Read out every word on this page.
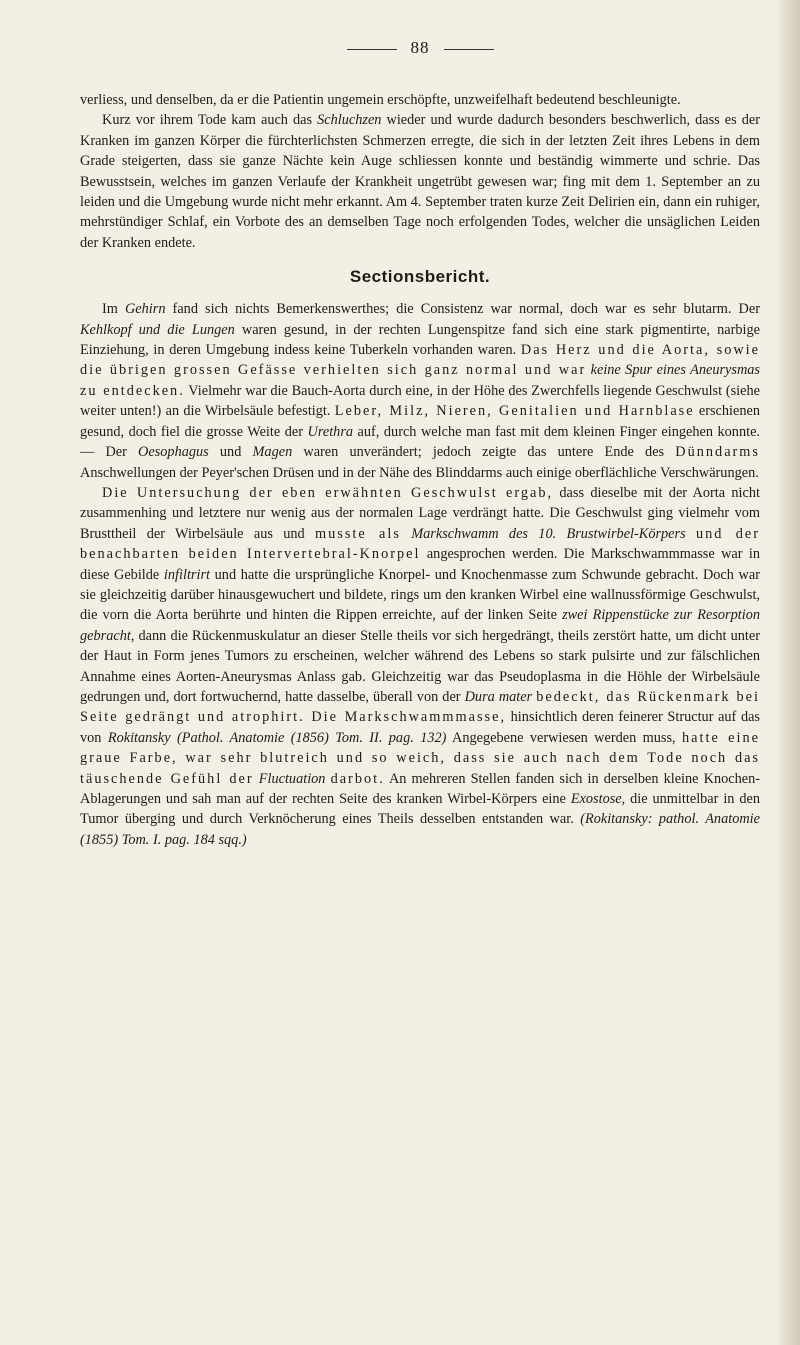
88

verliess, und denselben, da er die Patientin ungemein erschöpfte, unzweifelhaft bedeutend beschleunigte.

Kurz vor ihrem Tode kam auch das Schluchzen wieder und wurde dadurch besonders beschwerlich, dass es der Kranken im ganzen Körper die fürchterlichsten Schmerzen erregte, die sich in der letzten Zeit ihres Lebens in dem Grade steigerten, dass sie ganze Nächte kein Auge schliessen konnte und beständig wimmerte und schrie. Das Bewusstsein, welches im ganzen Verlaufe der Krankheit ungetrübt gewesen war; fing mit dem 1. September an zu leiden und die Umgebung wurde nicht mehr erkannt. Am 4. September traten kurze Zeit Delirien ein, dann ein ruhiger, mehrstündiger Schlaf, ein Vorbote des an demselben Tage noch erfolgenden Todes, welcher die unsäglichen Leiden der Kranken endete.

Sectionsbericht.

Im Gehirn fand sich nichts Bemerkenswerthes; die Consistenz war normal, doch war es sehr blutarm. Der Kehlkopf und die Lungen waren gesund, in der rechten Lungenspitze fand sich eine stark pigmentirte, narbige Einziehung, in deren Umgebung indess keine Tuberkeln vorhanden waren. Das Herz und die Aorta, sowie die übrigen grossen Gefässe verhielten sich ganz normal und war keine Spur eines Aneurysmas zu entdecken. Vielmehr war die Bauch-Aorta durch eine, in der Höhe des Zwerchfells liegende Geschwulst (siehe weiter unten!) an die Wirbelsäule befestigt. Leber, Milz, Nieren, Genitalien und Harnblase erschienen gesund, doch fiel die grosse Weite der Urethra auf, durch welche man fast mit dem kleinen Finger eingehen konnte. — Der Oesophagus und Magen waren unverändert; jedoch zeigte das untere Ende des Dünndarms Anschwellungen der Peyer'schen Drüsen und in der Nähe des Blinddarms auch einige oberflächliche Verschwärungen.

Die Untersuchung der eben erwähnten Geschwulst ergab, dass dieselbe mit der Aorta nicht zusammenhing und letztere nur wenig aus der normalen Lage verdrängt hatte. Die Geschwulst ging vielmehr vom Brusttheil der Wirbelsäule aus und musste als Markschwamm des 10. Brustwirbel-Körpers und der benachbarten beiden Intervertebral-Knorpel angesprochen werden. Die Markschwammmasse war in diese Gebilde infiltrirt und hatte die ursprüngliche Knorpel- und Knochenmasse zum Schwunde gebracht. Doch war sie gleichzeitig darüber hinausgewuchert und bildete, rings um den kranken Wirbel eine wallnussförmige Geschwulst, die vorn die Aorta berührte und hinten die Rippen erreichte, auf der linken Seite zwei Rippenstücke zur Resorption gebracht, dann die Rückenmuskulatur an dieser Stelle theils vor sich hergedrängt, theils zerstört hatte, um dicht unter der Haut in Form jenes Tumors zu erscheinen, welcher während des Lebens so stark pulsirte und zur fälschlichen Annahme eines Aorten-Aneurysmas Anlass gab. Gleichzeitig war das Pseudoplasma in die Höhle der Wirbelsäule gedrungen und, dort fortwuchernd, hatte dasselbe, überall von der Dura mater bedeckt, das Rückenmark bei Seite gedrängt und atrophirt. Die Markschwammmasse, hinsichtlich deren feinerer Structur auf das von Rokitansky (Pathol. Anatomie (1856) Tom. II. pag. 132) Angegebene verwiesen werden muss, hatte eine graue Farbe, war sehr blutreich und so weich, dass sie auch nach dem Tode noch das täuschende Gefühl der Fluctuation darbot. An mehreren Stellen fanden sich in derselben kleine Knochen-Ablagerungen und sah man auf der rechten Seite des kranken Wirbel-Körpers eine Exostose, die unmittelbar in den Tumor überging und durch Verknöcherung eines Theils desselben entstanden war. (Rokitansky: pathol. Anatomie (1855) Tom. I. pag. 184 sqq.)
